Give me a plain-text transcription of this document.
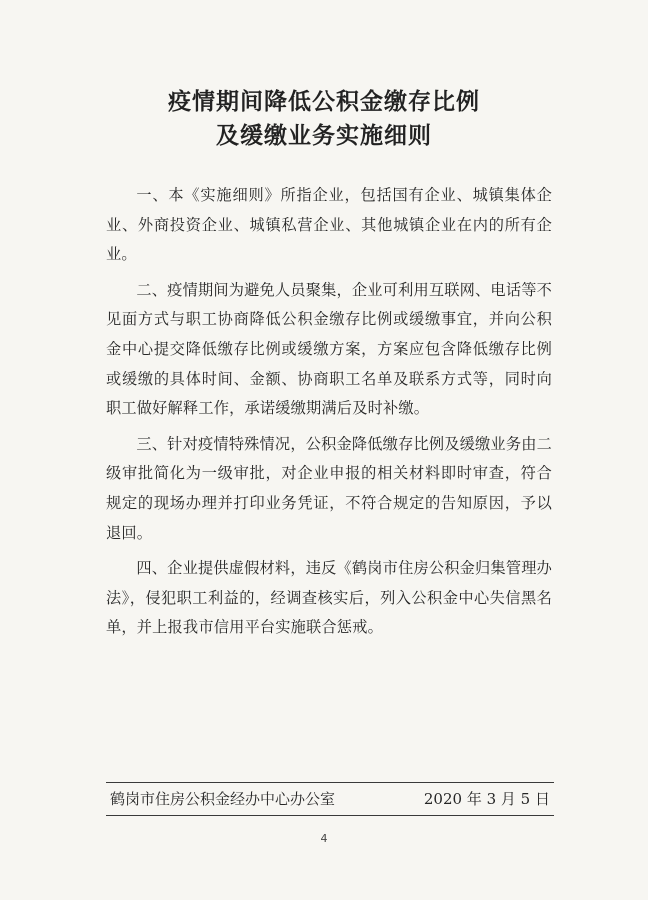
疫情期间降低公积金缴存比例
及缓缴业务实施细则

一、本《实施细则》所指企业，包括国有企业、城镇集体企业、外商投资企业、城镇私营企业、其他城镇企业在内的所有企业。

二、疫情期间为避免人员聚集，企业可利用互联网、电话等不见面方式与职工协商降低公积金缴存比例或缓缴事宜，并向公积金中心提交降低缴存比例或缓缴方案，方案应包含降低缴存比例或缓缴的具体时间、金额、协商职工名单及联系方式等，同时向职工做好解释工作，承诺缓缴期满后及时补缴。

三、针对疫情特殊情况，公积金降低缴存比例及缓缴业务由二级审批简化为一级审批，对企业申报的相关材料即时审查，符合规定的现场办理并打印业务凭证，不符合规定的告知原因，予以退回。

四、企业提供虚假材料，违反《鹤岗市住房公积金归集管理办法》，侵犯职工利益的，经调查核实后，列入公积金中心失信黑名单，并上报我市信用平台实施联合惩戒。

鹤岗市住房公积金经办中心办公室	2020 年 3 月 5 日
4
